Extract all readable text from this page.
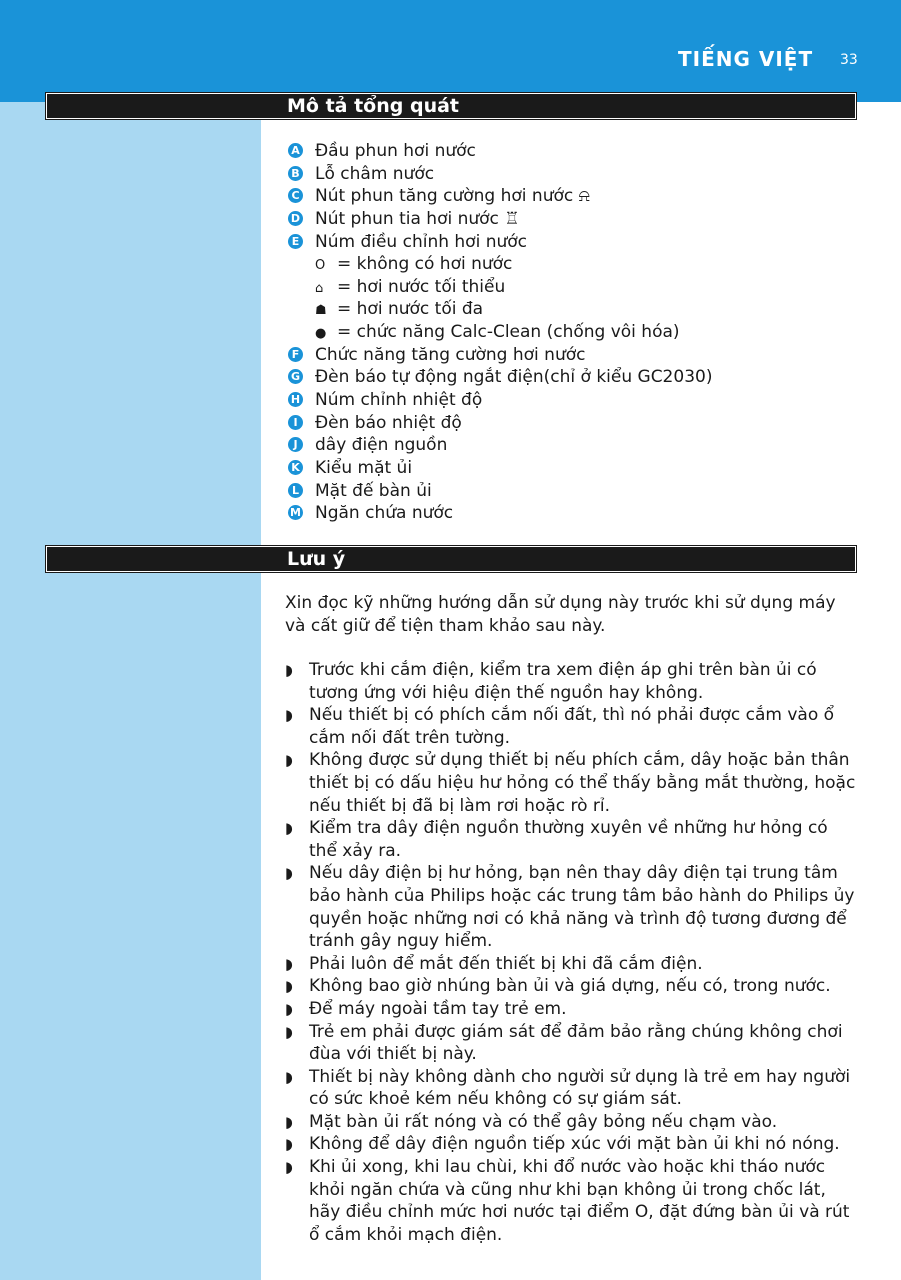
TIẾNG VIỆT 33
Mô tả tổng quát
A Đầu phun hơi nước
B Lỗ châm nước
C Nút phun tăng cường hơi nước ⍾
D Nút phun tia hơi nước ♖
E Núm điều chỉnh hơi nước
O = không có hơi nước
⌂ = hơi nước tối thiểu
☗ = hơi nước tối đa
● = chức năng Calc-Clean (chống vôi hóa)
F Chức năng tăng cường hơi nước
G Đèn báo tự động ngắt điện(chỉ ở kiểu GC2030)
H Núm chỉnh nhiệt độ
I	Đèn báo nhiệt độ
J	dây điện nguồn
K Kiểu mặt ủi
L Mặt đế bàn ủi
M Ngăn chứa nước
Lưu ý
Xin đọc kỹ những hướng dẫn sử dụng này trước khi sử dụng máy và cất giữ để tiện tham khảo sau này.
◗ Trước khi cắm điện, kiểm tra xem điện áp ghi trên bàn ủi có tương ứng với hiệu điện thế nguồn hay không.
◗ Nếu thiết bị có phích cắm nối đất, thì nó phải được cắm vào ổ cắm nối đất trên tường.
◗ Không được sử dụng thiết bị nếu phích cắm, dây hoặc bản thân thiết bị có dấu hiệu hư hỏng có thể thấy bằng mắt thường, hoặc nếu thiết bị đã bị làm rơi hoặc rò rỉ.
◗ Kiểm tra dây điện nguồn thường xuyên về những hư hỏng có thể xảy ra.
◗ Nếu dây điện bị hư hỏng, bạn nên thay dây điện tại trung tâm bảo hành của Philips hoặc các trung tâm bảo hành do Philips ủy quyền hoặc những nơi có khả năng và trình độ tương đương để tránh gây nguy hiểm.
◗ Phải luôn để mắt đến thiết bị khi đã cắm điện.
◗ Không bao giờ nhúng bàn ủi và giá dựng, nếu có, trong nước.
◗ Để máy ngoài tầm tay trẻ em.
◗ Trẻ em phải được giám sát để đảm bảo rằng chúng không chơi đùa với thiết bị này.
◗ Thiết bị này không dành cho người sử dụng là trẻ em hay người có sức khoẻ kém nếu không có sự giám sát.
◗ Mặt bàn ủi rất nóng và có thể gây bỏng nếu chạm vào.
◗ Không để dây điện nguồn tiếp xúc với mặt bàn ủi khi nó nóng.
◗ Khi ủi xong, khi lau chùi, khi đổ nước vào hoặc khi tháo nước khỏi ngăn chứa và cũng như khi bạn không ủi trong chốc lát, hãy điều chỉnh mức hơi nước tại điểm O, đặt đứng bàn ủi và rút ổ cắm khỏi mạch điện.
